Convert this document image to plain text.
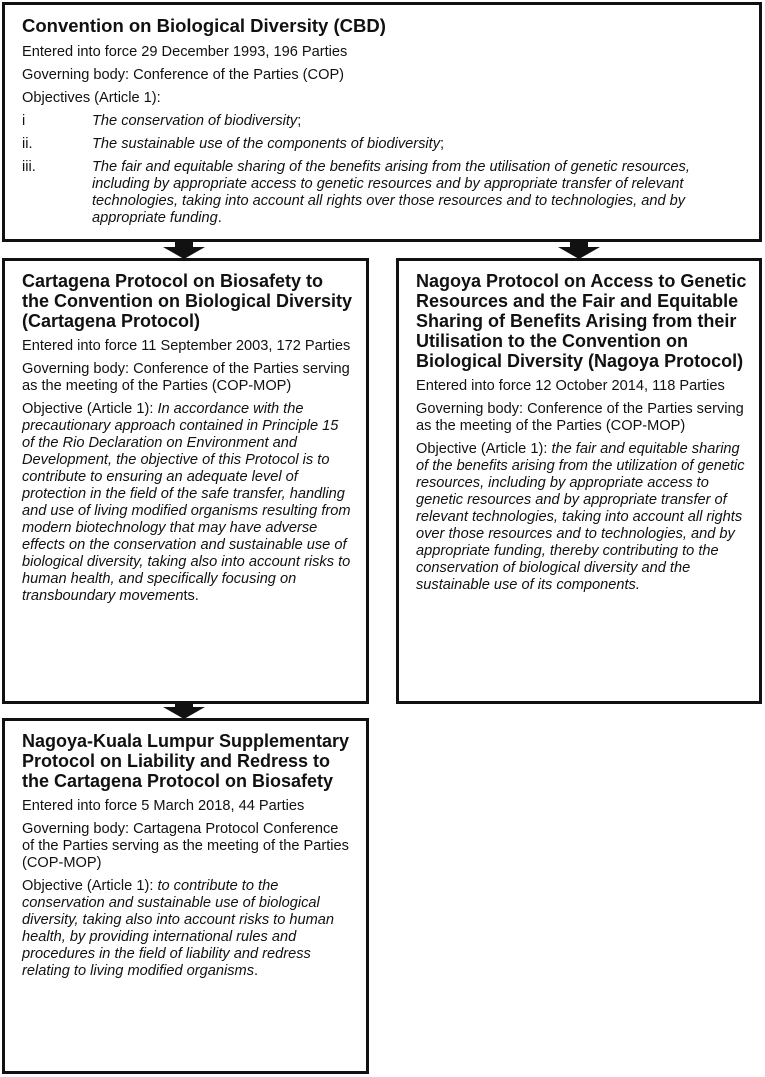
Convention on Biological Diversity (CBD)

Entered into force 29 December 1993, 196 Parties

Governing body: Conference of the Parties (COP)

Objectives (Article 1):

i	The conservation of biodiversity;
ii.	The sustainable use of the components of biodiversity;
iii.	The fair and equitable sharing of the benefits arising from the utilisation of genetic resources, including by appropriate access to genetic resources and by appropriate transfer of relevant technologies, taking into account all rights over those resources and to technologies, and by appropriate funding.
Cartagena Protocol on Biosafety to the Convention on Biological Diversity (Cartagena Protocol)

Entered into force 11 September 2003, 172 Parties

Governing body: Conference of the Parties serving as the meeting of the Parties (COP-MOP)

Objective (Article 1): In accordance with the precautionary approach contained in Principle 15 of the Rio Declaration on Environment and Development, the objective of this Protocol is to contribute to ensuring an adequate level of protection in the field of the safe transfer, handling and use of living modified organisms resulting from modern biotechnology that may have adverse effects on the conservation and sustainable use of biological diversity, taking also into account risks to human health, and specifically focusing on transboundary movements.

Nagoya Protocol on Access to Genetic Resources and the Fair and Equitable Sharing of Benefits Arising from their Utilisation to the Convention on Biological Diversity (Nagoya Protocol)

Entered into force 12 October 2014, 118 Parties

Governing body: Conference of the Parties serving as the meeting of the Parties (COP-MOP)

Objective (Article 1): the fair and equitable sharing of the benefits arising from the utilization of genetic resources, including by appropriate access to genetic resources and by appropriate transfer of relevant technologies, taking into account all rights over those resources and to technologies, and by appropriate funding, thereby contributing to the conservation of biological diversity and the sustainable use of its components.

Nagoya-Kuala Lumpur Supplementary Protocol on Liability and Redress to the Cartagena Protocol on Biosafety

Entered into force 5 March 2018, 44 Parties

Governing body: Cartagena Protocol Conference of the Parties serving as the meeting of the Parties (COP-MOP)

Objective (Article 1): to contribute to the conservation and sustainable use of biological diversity, taking also into account risks to human health, by providing international rules and procedures in the field of liability and redress relating to living modified organisms.
